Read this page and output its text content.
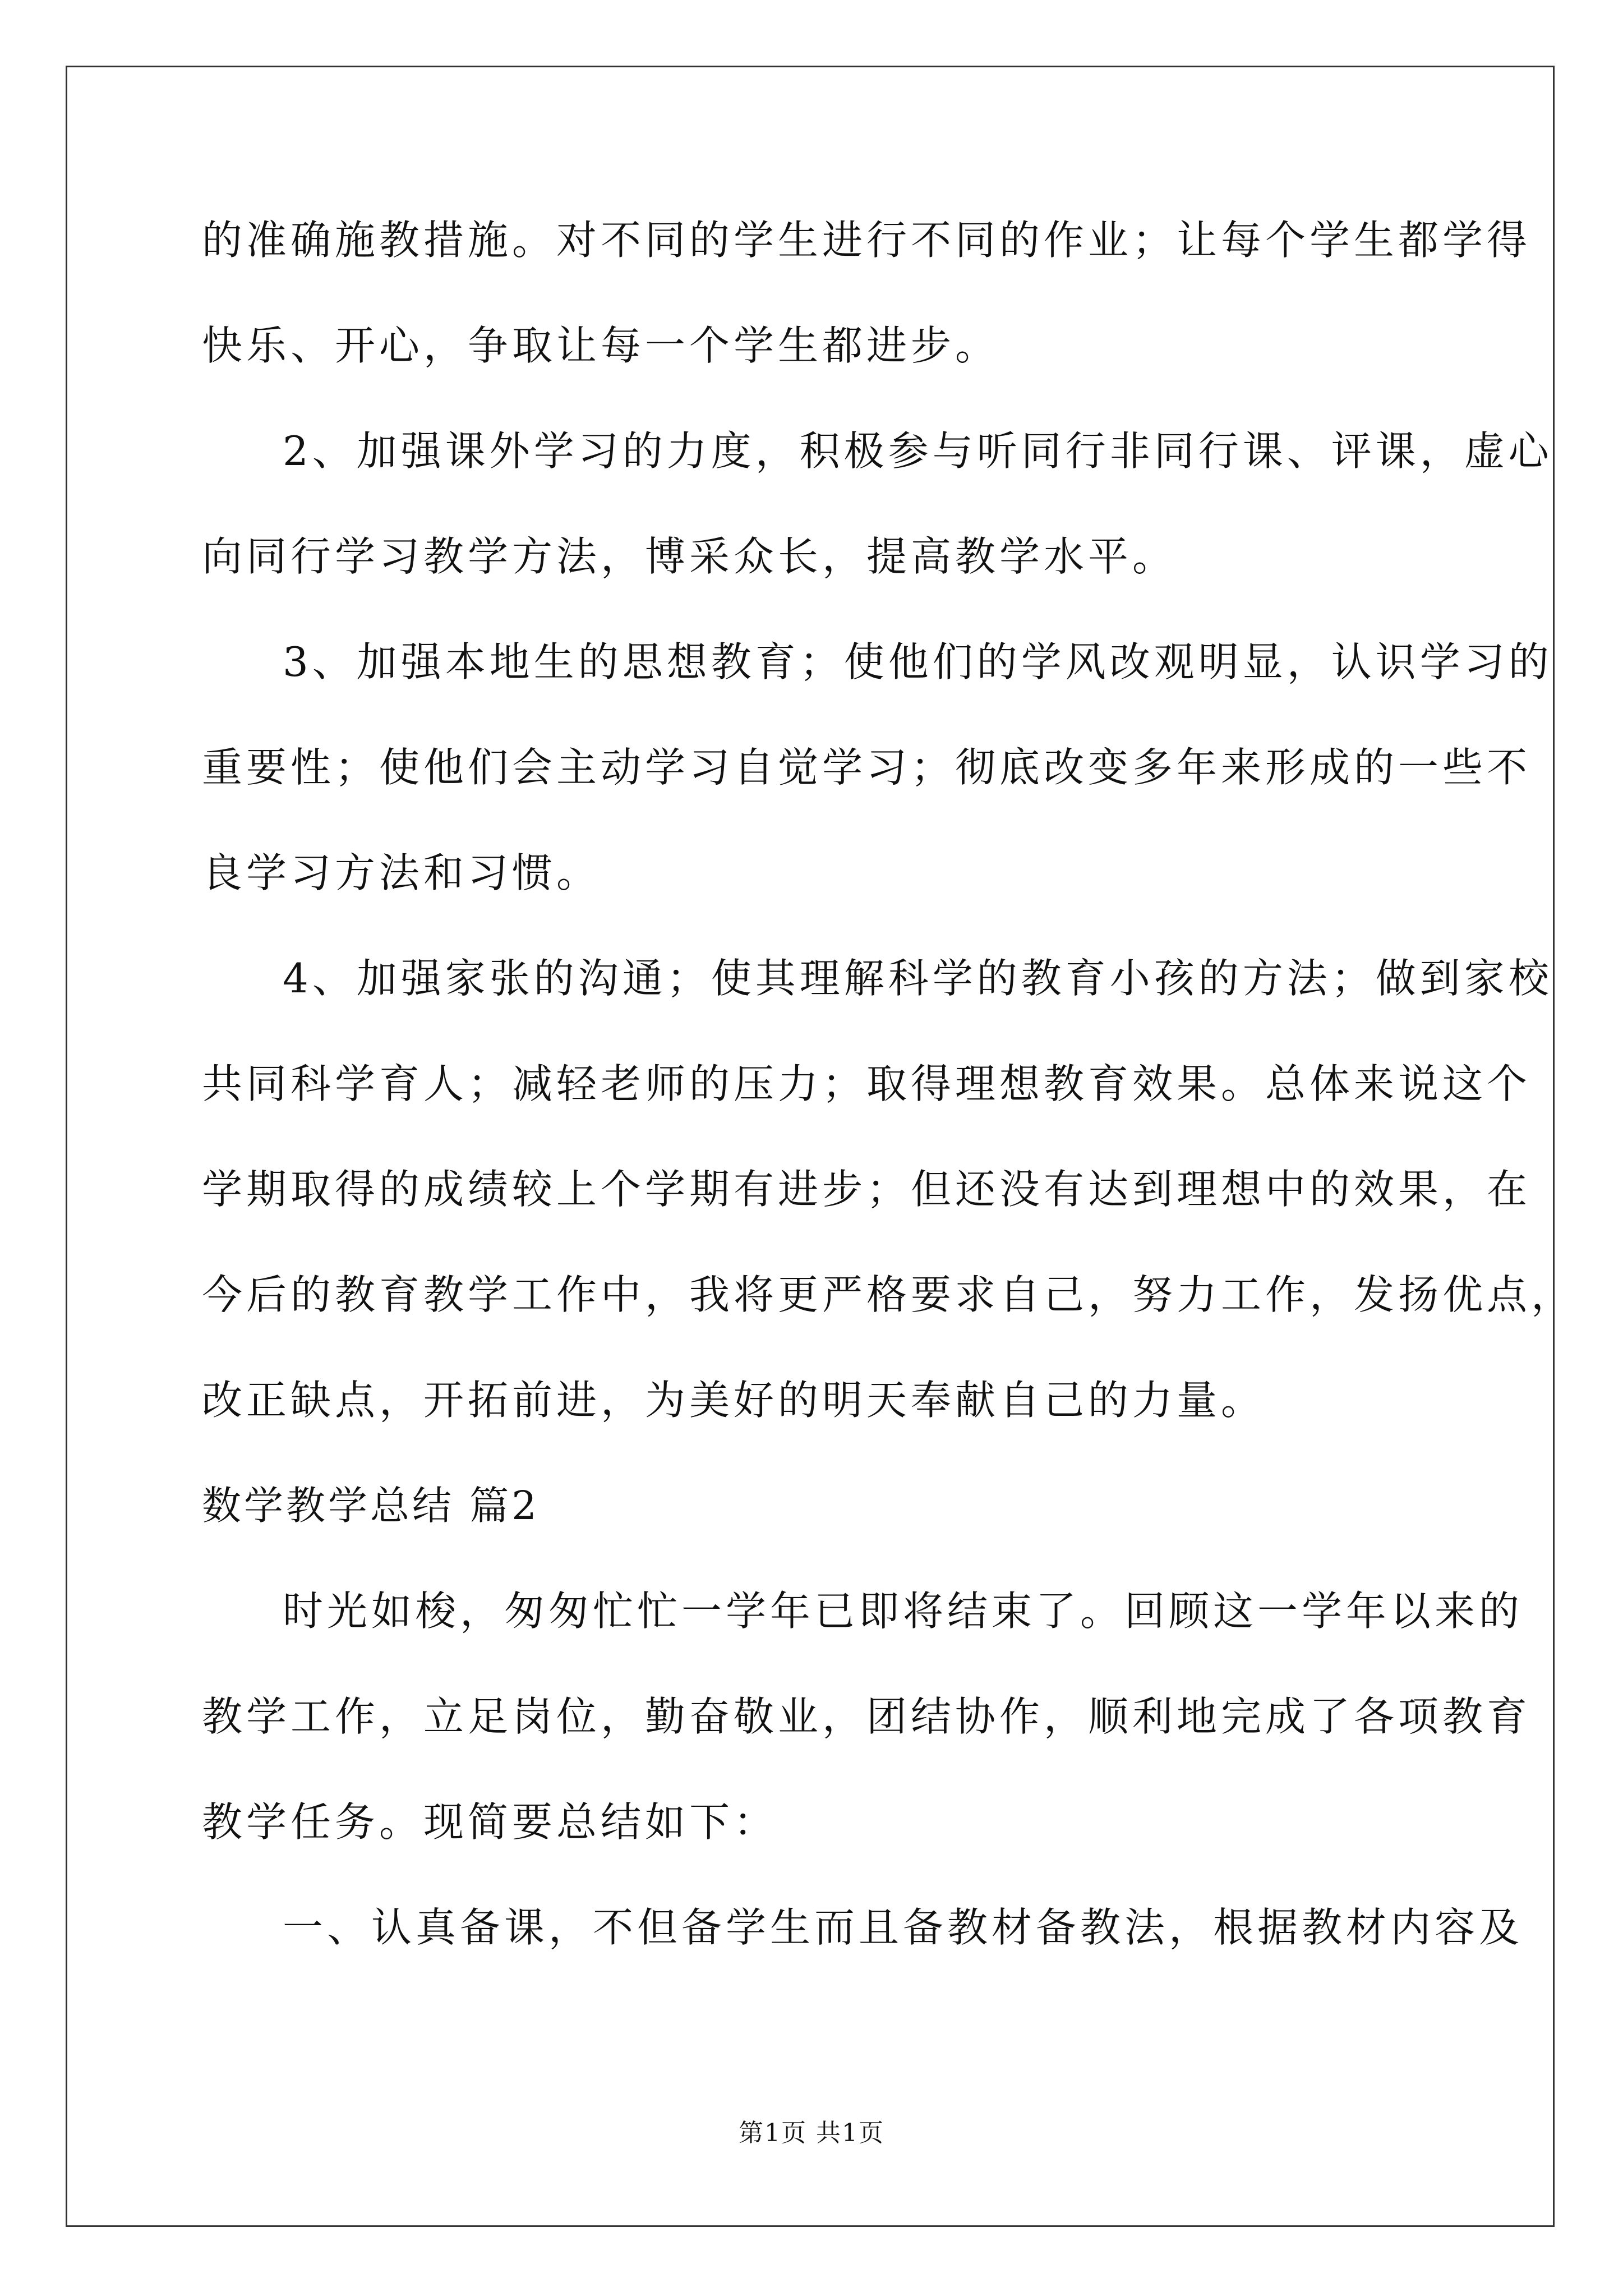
的准确施教措施。对不同的学生进行不同的作业；让每个学生都学得
快乐、开心，争取让每一个学生都进步。
2、加强课外学习的力度，积极参与听同行非同行课、评课，虚心
向同行学习教学方法，博采众长，提高教学水平。
3、加强本地生的思想教育；使他们的学风改观明显，认识学习的
重要性；使他们会主动学习自觉学习；彻底改变多年来形成的一些不
良学习方法和习惯。
4、加强家张的沟通；使其理解科学的教育小孩的方法；做到家校
共同科学育人；减轻老师的压力；取得理想教育效果。总体来说这个
学期取得的成绩较上个学期有进步；但还没有达到理想中的效果，在
今后的教育教学工作中，我将更严格要求自己，努力工作，发扬优点，
改正缺点，开拓前进，为美好的明天奉献自己的力量。
数学教学总结 篇2
时光如梭，匆匆忙忙一学年已即将结束了。回顾这一学年以来的
教学工作，立足岗位，勤奋敬业，团结协作，顺利地完成了各项教育
教学任务。现简要总结如下：
一、认真备课，不但备学生而且备教材备教法，根据教材内容及
第1页 共1页
